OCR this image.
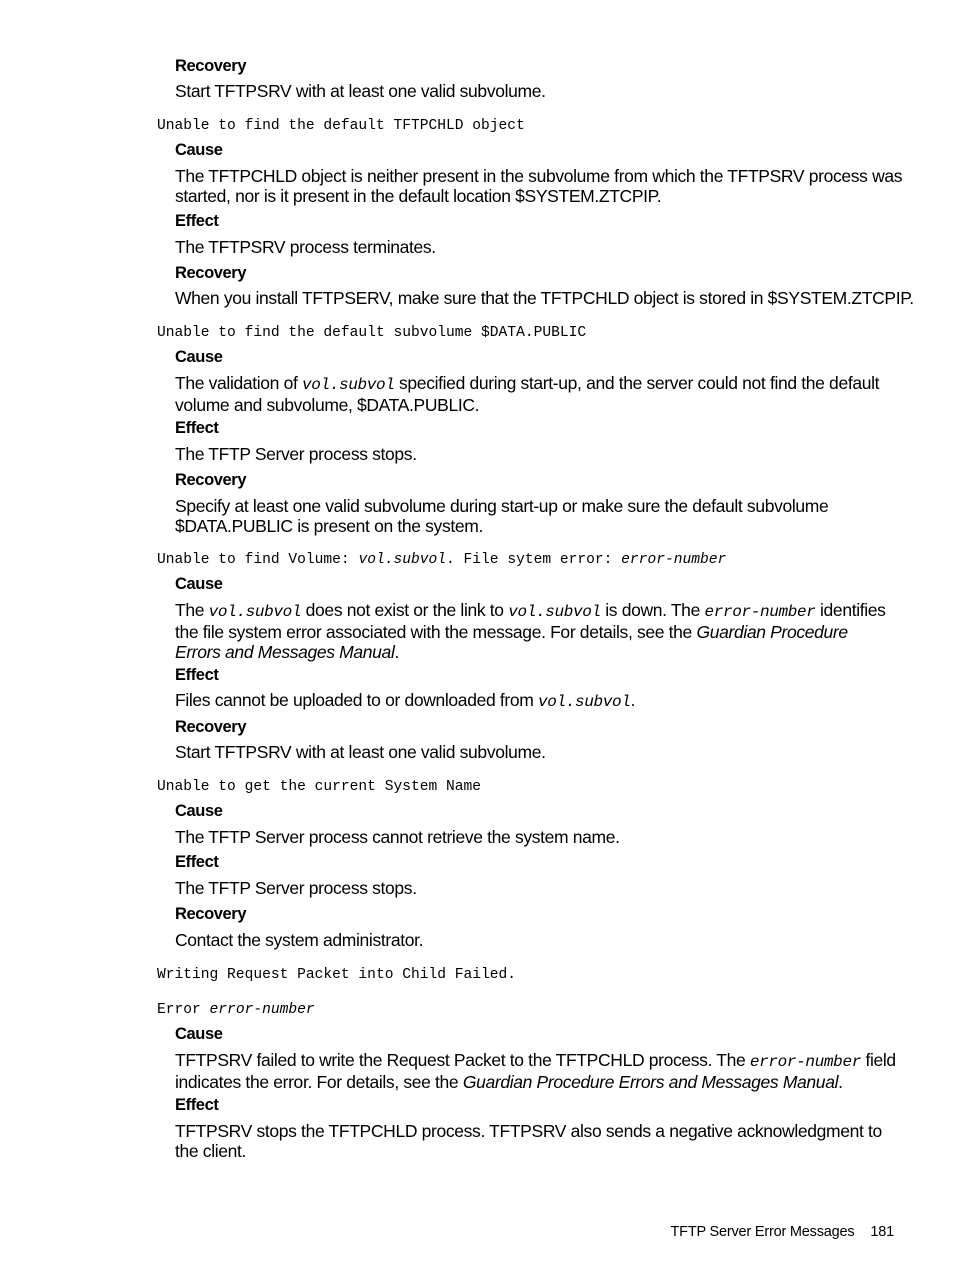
Recovery
Start TFTPSRV with at least one valid subvolume.
Unable to find the default TFTPCHLD object
Cause
The TFTPCHLD object is neither present in the subvolume from which the TFTPSRV process was started, nor is it present in the default location $SYSTEM.ZTCPIP.
Effect
The TFTPSRV process terminates.
Recovery
When you install TFTPSERV, make sure that the TFTPCHLD object is stored in $SYSTEM.ZTCPIP.
Unable to find the default subvolume $DATA.PUBLIC
Cause
The validation of vol.subvol specified during start-up, and the server could not find the default volume and subvolume, $DATA.PUBLIC.
Effect
The TFTP Server process stops.
Recovery
Specify at least one valid subvolume during start-up or make sure the default subvolume $DATA.PUBLIC is present on the system.
Unable to find Volume: vol.subvol. File sytem error: error-number
Cause
The vol.subvol does not exist or the link to vol.subvol is down. The error-number identifies the file system error associated with the message. For details, see the Guardian Procedure Errors and Messages Manual.
Effect
Files cannot be uploaded to or downloaded from vol.subvol.
Recovery
Start TFTPSRV with at least one valid subvolume.
Unable to get the current System Name
Cause
The TFTP Server process cannot retrieve the system name.
Effect
The TFTP Server process stops.
Recovery
Contact the system administrator.
Writing Request Packet into Child Failed.
Error error-number
Cause
TFTPSRV failed to write the Request Packet to the TFTPCHLD process. The error-number field indicates the error. For details, see the Guardian Procedure Errors and Messages Manual.
Effect
TFTPSRV stops the TFTPCHLD process. TFTPSRV also sends a negative acknowledgment to the client.
TFTP Server Error Messages 181
